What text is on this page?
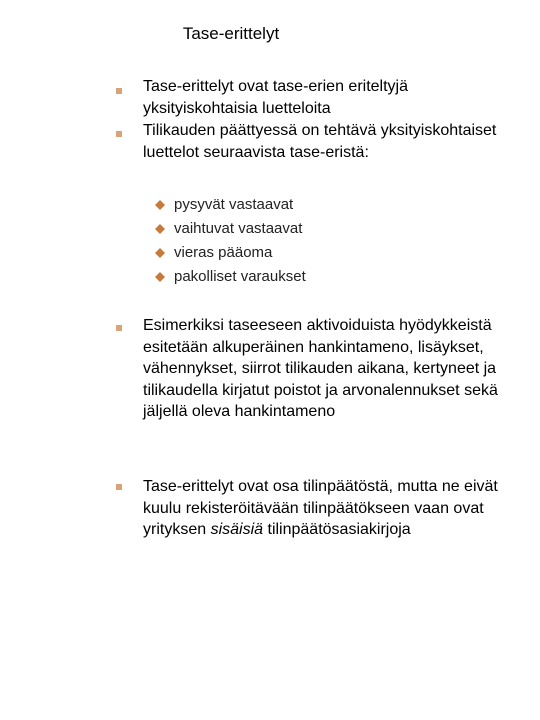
Tase-erittelyt
Tase-erittelyt ovat tase-erien eriteltyjä yksityiskohtaisia luetteloita
Tilikauden päättyessä on tehtävä yksityiskohtaiset luettelot seuraavista tase-eristä:
pysyvät vastaavat
vaihtuvat vastaavat
vieras pääoma
pakolliset varaukset
Esimerkiksi taseeseen aktivoiduista hyödykkeistä esitetään alkuperäinen hankintameno, lisäykset, vähennykset, siirrot tilikauden aikana, kertyneet ja tilikaudella kirjatut poistot ja arvonalennukset sekä jäljellä oleva hankintameno
Tase-erittelyt ovat osa tilinpäätöstä, mutta ne eivät kuulu rekisteröitävään tilinpäätökseen vaan ovat yrityksen sisäisiä tilinpäätösasiakirjoja
